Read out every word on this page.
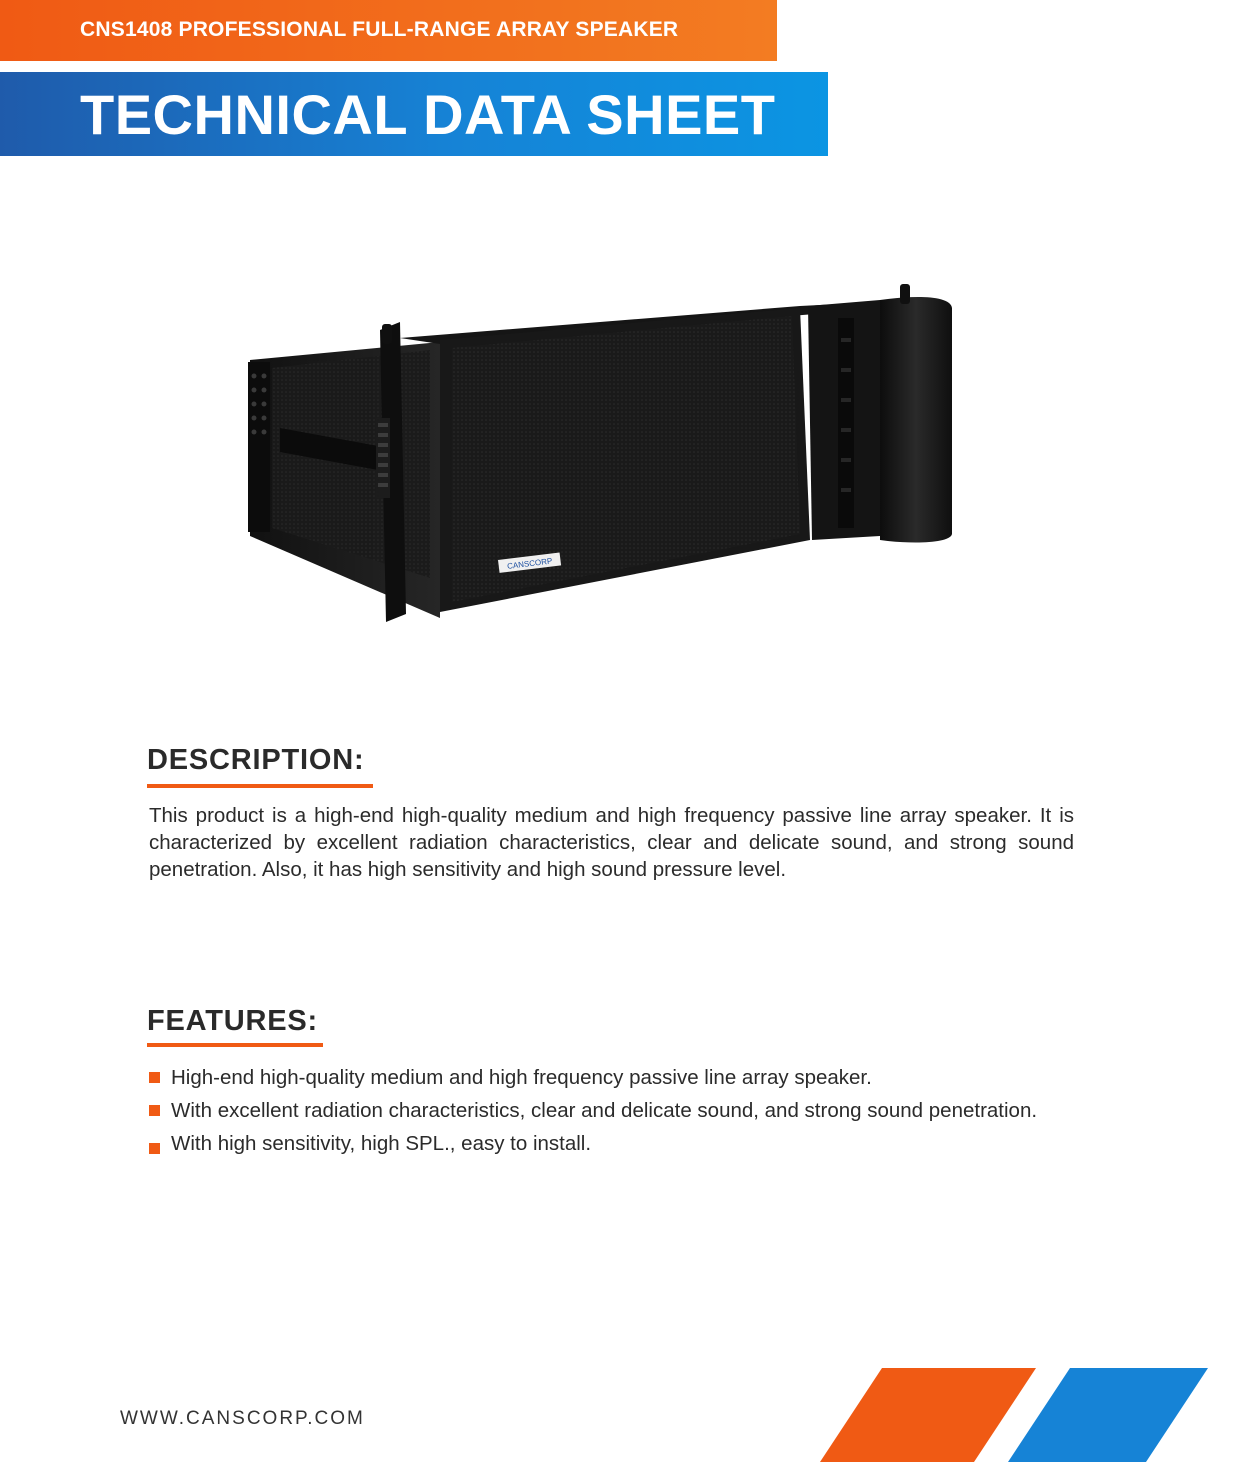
CNS1408 PROFESSIONAL FULL-RANGE ARRAY SPEAKER
TECHNICAL DATA SHEET
CANSCORP
DESCRIPTION:
This product is a high-end high-quality medium and high frequency passive line array speaker. It is characterized by excellent radiation characteristics, clear and delicate sound, and strong sound penetration. Also, it has high sensitivity and high sound pressure level.
FEATURES:
High-end high-quality medium and high frequency passive line array speaker.
With excellent radiation characteristics, clear and delicate sound, and strong sound penetration.
With high sensitivity, high SPL., easy to install.
WWW.CANSCORP.COM
